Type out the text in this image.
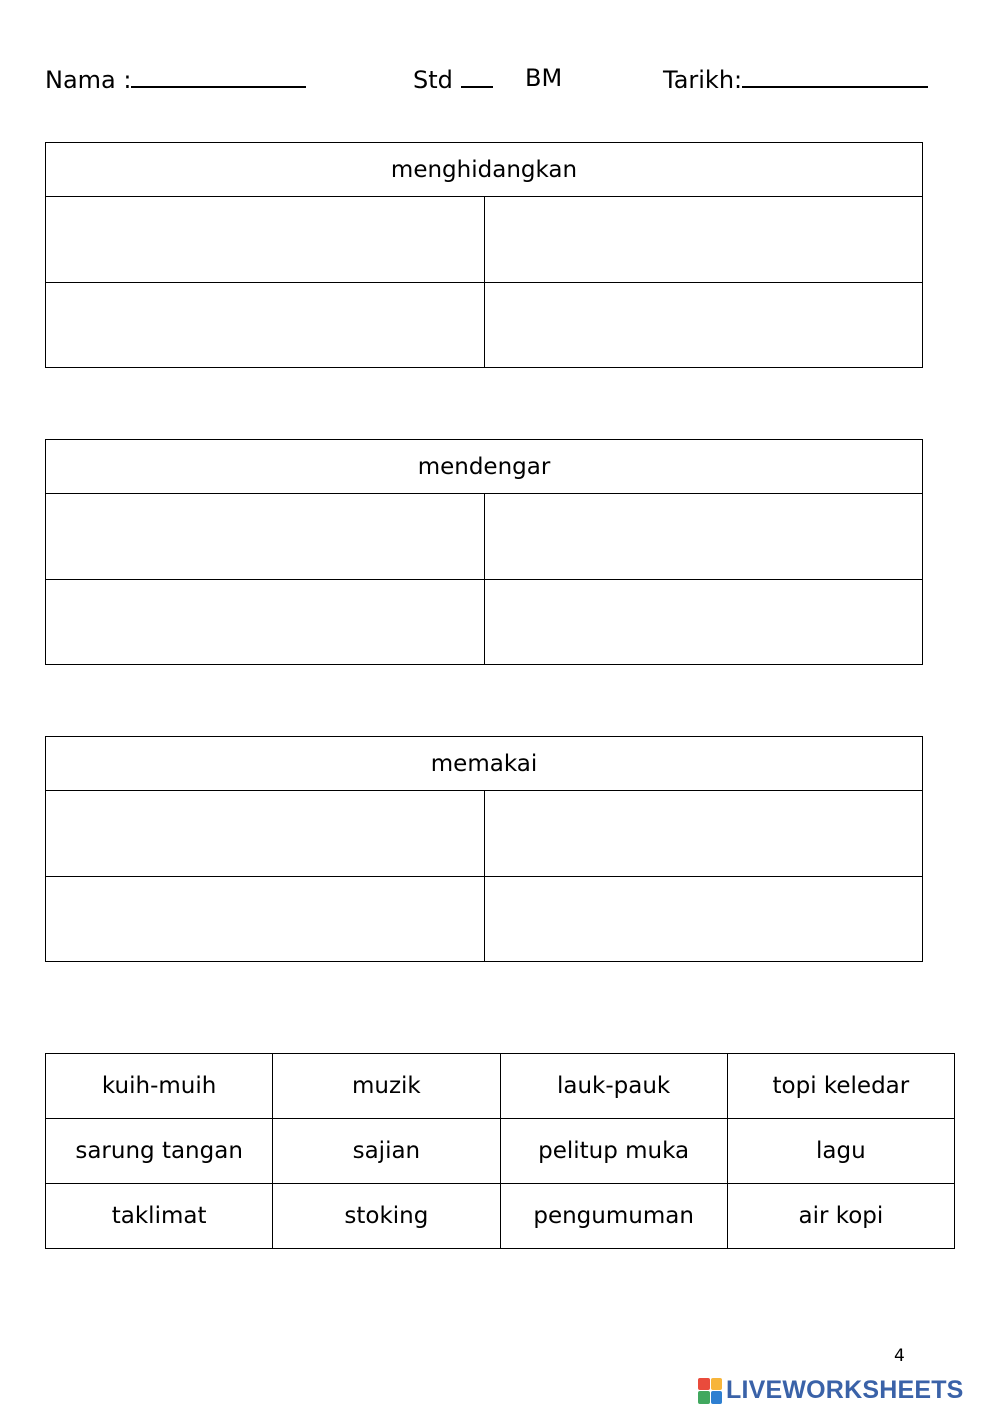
Nama :	Std	BM	Tarikh:
menghidangkan
mendengar
memakai
kuih-muih	muzik	lauk-pauk	topi keledar
sarung tangan	sajian	pelitup muka	lagu
taklimat	stoking	pengumuman	air kopi
4
LIVEWORKSHEETS
